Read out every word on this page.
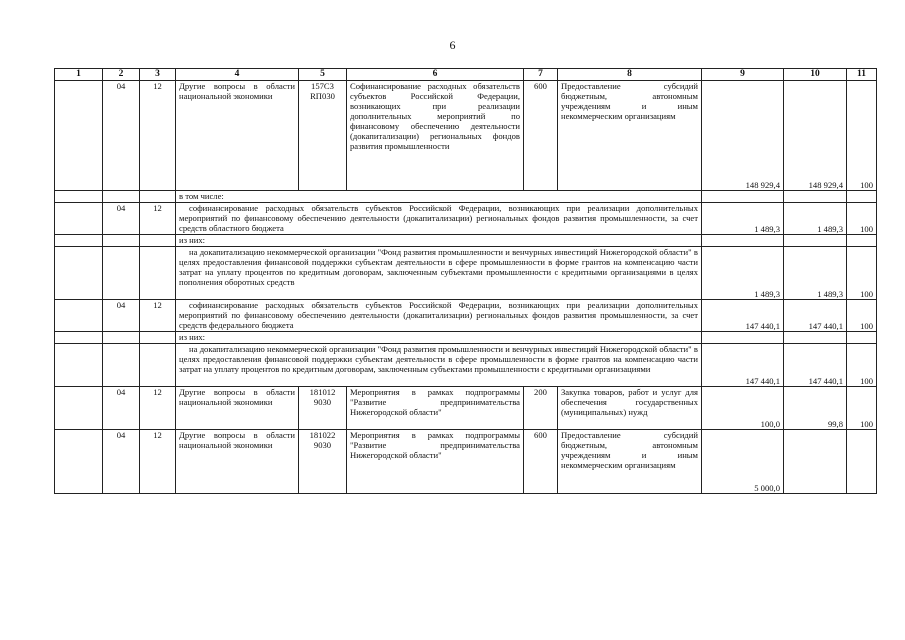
6
1	2	3	4	5	6	7	8	9	10	11
	04	12	Другие вопросы в области национальной экономики	157С3 RП030	Софинансирование расходных обязательств субъектов Российской Федерации, возникающих при реализации дополнительных мероприятий по финансовому обеспечению деятельности (докапитализации) региональных фондов развития промышленности	600	Предоставление субсидий бюджетным, автономным учреждениям и иным некоммерческим организациям	148 929,4	148 929,4	100
			в том числе:							
	04	12	софинансирование расходных обязательств субъектов Российской Федерации, возникающих при реализации дополнительных мероприятий по финансовому обеспечению деятельности (докапитализации) региональных фондов развития промышленности, за счет средств областного бюджета					1 489,3	1 489,3	100
			из них:							
			на докапитализацию некоммерческой организации "Фонд развития промышленности и венчурных инвестиций Нижегородской области" в целях предоставления финансовой поддержки субъектам деятельности в сфере промышленности в форме грантов на компенсацию части затрат на уплату процентов по кредитным договорам, заключенным субъектами промышленности с кредитными организациями в целях пополнения оборотных средств					1 489,3	1 489,3	100
	04	12	софинансирование расходных обязательств субъектов Российской Федерации, возникающих при реализации дополнительных мероприятий по финансовому обеспечению деятельности (докапитализации) региональных фондов развития промышленности, за счет средств федерального бюджета					147 440,1	147 440,1	100
			из них:							
			на докапитализацию некоммерческой организации "Фонд развития промышленности и венчурных инвестиций Нижегородской области" в целях предоставления финансовой поддержки субъектам деятельности в сфере промышленности в форме грантов на компенсацию части затрат на уплату процентов по кредитным договорам, заключенным субъектами промышленности с кредитными организациями					147 440,1	147 440,1	100
	04	12	Другие вопросы в области национальной экономики	181012 9030	Мероприятия в рамках подпрограммы "Развитие предпринимательства Нижегородской области"	200	Закупка товаров, работ и услуг для обеспечения государственных (муниципальных) нужд	100,0	99,8	100
	04	12	Другие вопросы в области национальной экономики	181022 9030	Мероприятия в рамках подпрограммы "Развитие предпринимательства Нижегородской области"	600	Предоставление субсидий бюджетным, автономным учреждениям и иным некоммерческим организациям	5 000,0		
